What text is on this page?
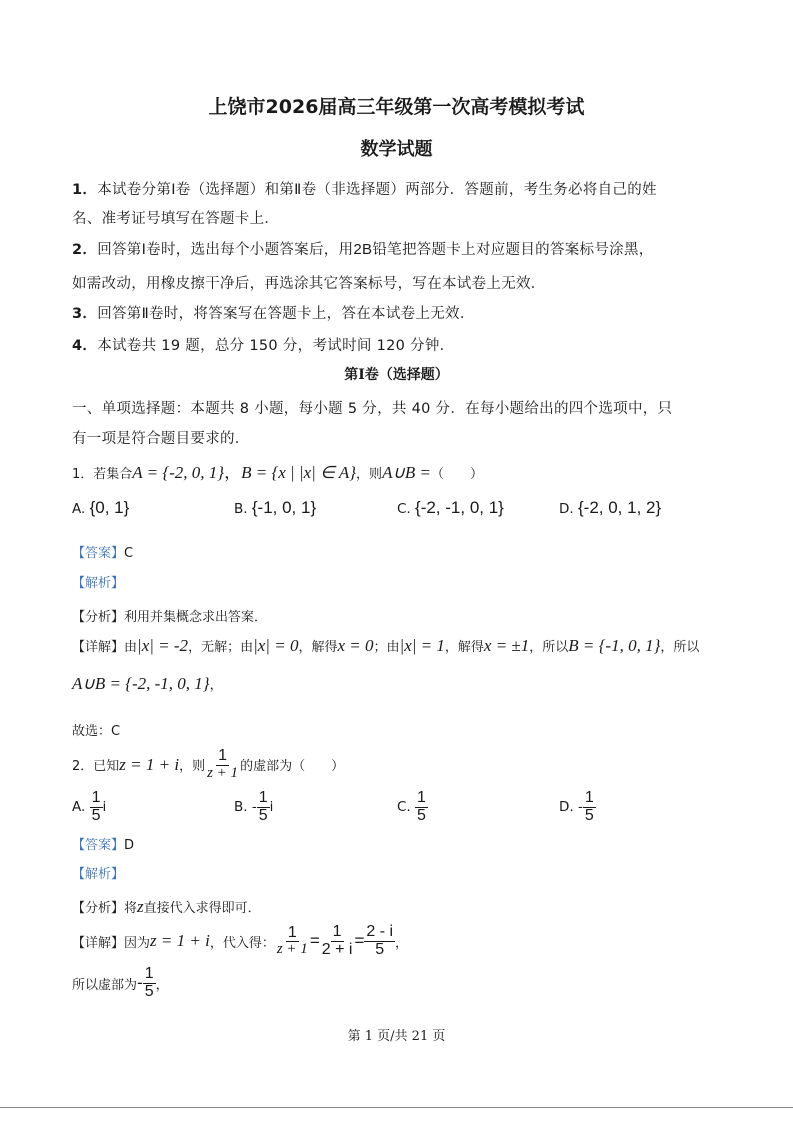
上饶市2026届高三年级第一次高考模拟考试
数学试题
1．本试卷分第Ⅰ卷（选择题）和第Ⅱ卷（非选择题）两部分．答题前，考生务必将自己的姓
名、准考证号填写在答题卡上．
2．回答第Ⅰ卷时，选出每个小题答案后，用2B铅笔把答题卡上对应题目的答案标号涂黑，
如需改动，用橡皮擦干净后，再选涂其它答案标号，写在本试卷上无效．
3．回答第Ⅱ卷时，将答案写在答题卡上，答在本试卷上无效．
4．本试卷共 19 题，总分 150 分，考试时间 120 分钟．
第Ⅰ卷（选择题）
一、单项选择题：本题共 8 小题，每小题 5 分，共 40 分．在每小题给出的四个选项中，只
有一项是符合题目要求的．
1．若集合A = {-2, 0, 1}，B = {x | |x| ∈ A}，则A∪B =（　　）
A. {0, 1}	B. {-1, 0, 1}	C. {-2, -1, 0, 1}	D. {-2, 0, 1, 2}
【答案】C
【解析】
【分析】利用并集概念求出答案．
【详解】由|x| = -2，无解；由|x| = 0，解得x = 0；由|x| = 1，解得x = ±1，所以B = {-1, 0, 1}，所以
A∪B = {-2, -1, 0, 1}，
故选：C
2．已知 z = 1 + i ，则 $\frac{1}{z + 1}$ 的虚部为（　　）
A.
$\frac{1}{5}$ i	B.
- $\frac{1}{5}$ i	C.
$\frac{1}{5}$	D.
- $\frac{1}{5}$
【答案】D
【解析】
【分析】将z直接代入求得即可．
【详解】 因为 z = 1 + i ，代入得： $\frac{1}{z + 1} = \frac{1}{2 + i} = \frac{2 - i}{5}$ ，
所以虚部为 - $\frac{1}{5}$ ，
第 1 页/共 21 页
